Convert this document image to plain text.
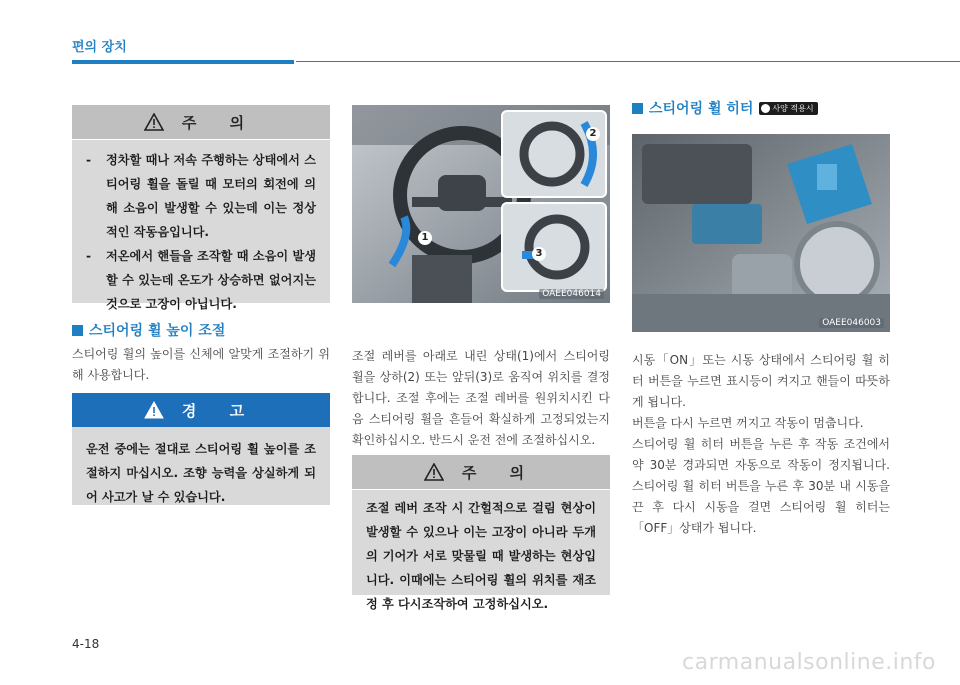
편의 장치
주 의
-	정차할 때나 저속 주행하는 상태에서 스티어링 휠을 돌릴 때 모터의 회전에 의해 소음이 발생할 수 있는데 이는 정상적인 작동음입니다.
-	저온에서 핸들을 조작할 때 소음이 발생할 수 있는데 온도가 상승하면 없어지는 것으로 고장이 아닙니다.
스티어링 휠 높이 조절
스티어링 휠의 높이를 신체에 알맞게 조절하기 위해 사용합니다.
경 고
운전 중에는 절대로 스티어링 휠 높이를 조절하지 마십시오. 조향 능력을 상실하게 되어 사고가 날 수 있습니다.
1
2
3
OAEE046014
조절 레버를 아래로 내린 상태(1)에서 스티어링 휠을 상하(2) 또는 앞뒤(3)로 움직여 위치를 결정합니다. 조절 후에는 조절 레버를 원위치시킨 다음 스티어링 휠을 흔들어 확실하게 고정되었는지 확인하십시오. 반드시 운전 전에 조절하십시오.
주 의
조절 레버 조작 시 간헐적으로 걸림 현상이 발생할 수 있으나 이는 고장이 아니라 두개의 기어가 서로 맞물릴 때 발생하는 현상입니다. 이때에는 스티어링 휠의 위치를 재조정 후 다시조작하여 고정하십시오.
스티어링 휠 히터 사양 적용시
OAEE046003
시동「ON」또는 시동 상태에서 스티어링 휠 히터 버튼을 누르면 표시등이 켜지고 핸들이 따뜻하게 됩니다.
버튼을 다시 누르면 꺼지고 작동이 멈춥니다.
스티어링 휠 히터 버튼을 누른 후 작동 조건에서 약 30분 경과되면 자동으로 작동이 정지됩니다. 스티어링 휠 히터 버튼을 누른 후 30분 내 시동을 끈 후 다시 시동을 걸면 스티어링 휠 히터는「OFF」상태가 됩니다.
4-18
carmanualsonline.info
